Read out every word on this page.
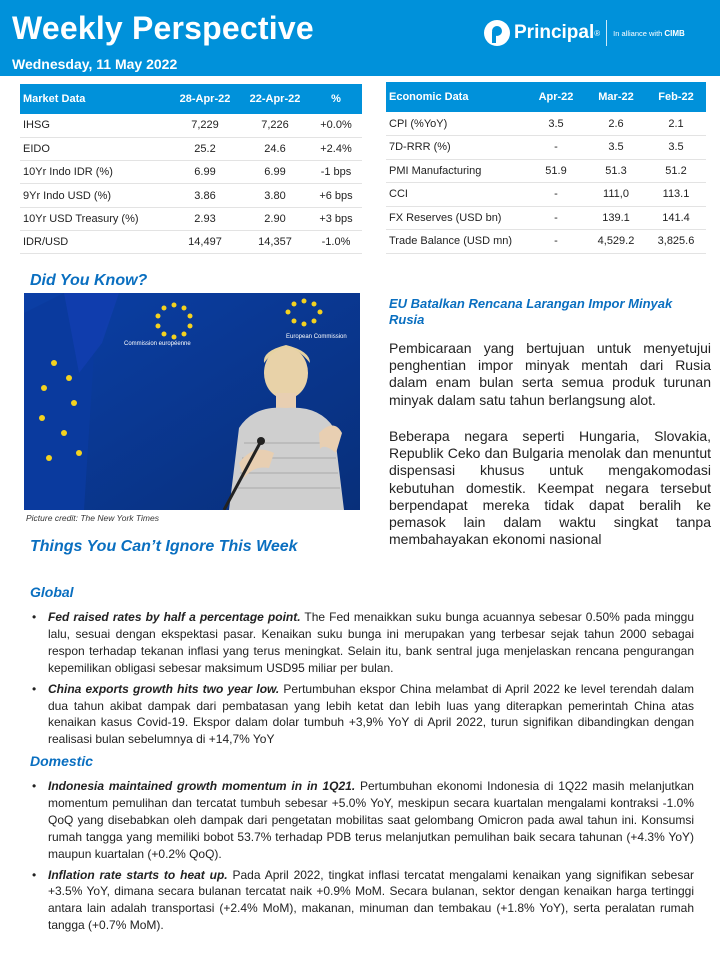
Weekly Perspective
Wednesday, 11 May 2022
Principal ® In alliance with CIMB
Market Data	28-Apr-22	22-Apr-22	%
IHSG	7,229	7,226	+0.0%
EIDO	25.2	24.6	+2.4%
10Yr Indo IDR (%)	6.99	6.99	-1 bps
9Yr Indo USD (%)	3.86	3.80	+6 bps
10Yr USD Treasury (%)	2.93	2.90	+3 bps
IDR/USD	14,497	14,357	-1.0%
Economic Data	Apr-22	Mar-22	Feb-22
CPI (%YoY)	3.5	2.6	2.1
7D-RRR (%)	-	3.5	3.5
PMI Manufacturing	51.9	51.3	51.2
CCI	-	111,0	113.1
FX Reserves (USD bn)	-	139.1	141.4
Trade Balance (USD mn)	-	4,529.2	3,825.6
Did You Know?
Commission européenne
European Commission
Picture credit: The New York Times
EU Batalkan Rencana Larangan Impor Minyak Rusia

Pembicaraan yang bertujuan untuk menyetujui penghentian impor minyak mentah dari Rusia dalam enam bulan serta semua produk turunan minyak dalam satu tahun berlangsung alot.

Beberapa negara seperti Hungaria, Slovakia, Republik Ceko dan Bulgaria menolak dan menuntut dispensasi khusus untuk mengakomodasi kebutuhan domestik. Keempat negara tersebut berpendapat mereka tidak dapat beralih ke pemasok lain dalam waktu singkat tanpa membahayakan ekonomi nasional

Things You Can’t Ignore This Week
Global
• Fed raised rates by half a percentage point. The Fed menaikkan suku bunga acuannya sebesar 0.50% pada minggu lalu, sesuai dengan ekspektasi pasar. Kenaikan suku bunga ini merupakan yang terbesar sejak tahun 2000 sebagai respon terhadap tekanan inflasi yang terus meningkat. Selain itu, bank sentral juga menjelaskan rencana pengurangan kepemilikan obligasi sebesar maksimum USD95 miliar per bulan.
• China exports growth hits two year low. Pertumbuhan ekspor China melambat di April 2022 ke level terendah dalam dua tahun akibat dampak dari pembatasan yang lebih ketat dan lebih luas yang diterapkan pemerintah China atas kenaikan kasus Covid-19. Ekspor dalam dolar tumbuh +3,9% YoY di April 2022, turun signifikan dibandingkan dengan realisasi bulan sebelumnya di +14,7% YoY
Domestic
• Indonesia maintained growth momentum in in 1Q21. Pertumbuhan ekonomi Indonesia di 1Q22 masih melanjutkan momentum pemulihan dan tercatat tumbuh sebesar +5.0% YoY, meskipun secara kuartalan mengalami kontraksi -1.0% QoQ yang disebabkan oleh dampak dari pengetatan mobilitas saat gelombang Omicron pada awal tahun ini. Konsumsi rumah tangga yang memiliki bobot 53.7% terhadap PDB terus melanjutkan pemulihan baik secara tahunan (+4.3% YoY) maupun kuartalan (+0.2% QoQ).
• Inflation rate starts to heat up. Pada April 2022, tingkat inflasi tercatat mengalami kenaikan yang signifikan sebesar +3.5% YoY, dimana secara bulanan tercatat naik +0.9% MoM. Secara bulanan, sektor dengan kenaikan harga tertinggi antara lain adalah transportasi (+2.4% MoM), makanan, minuman dan tembakau (+1.8% YoY), serta peralatan rumah tangga (+0.7% MoM).
